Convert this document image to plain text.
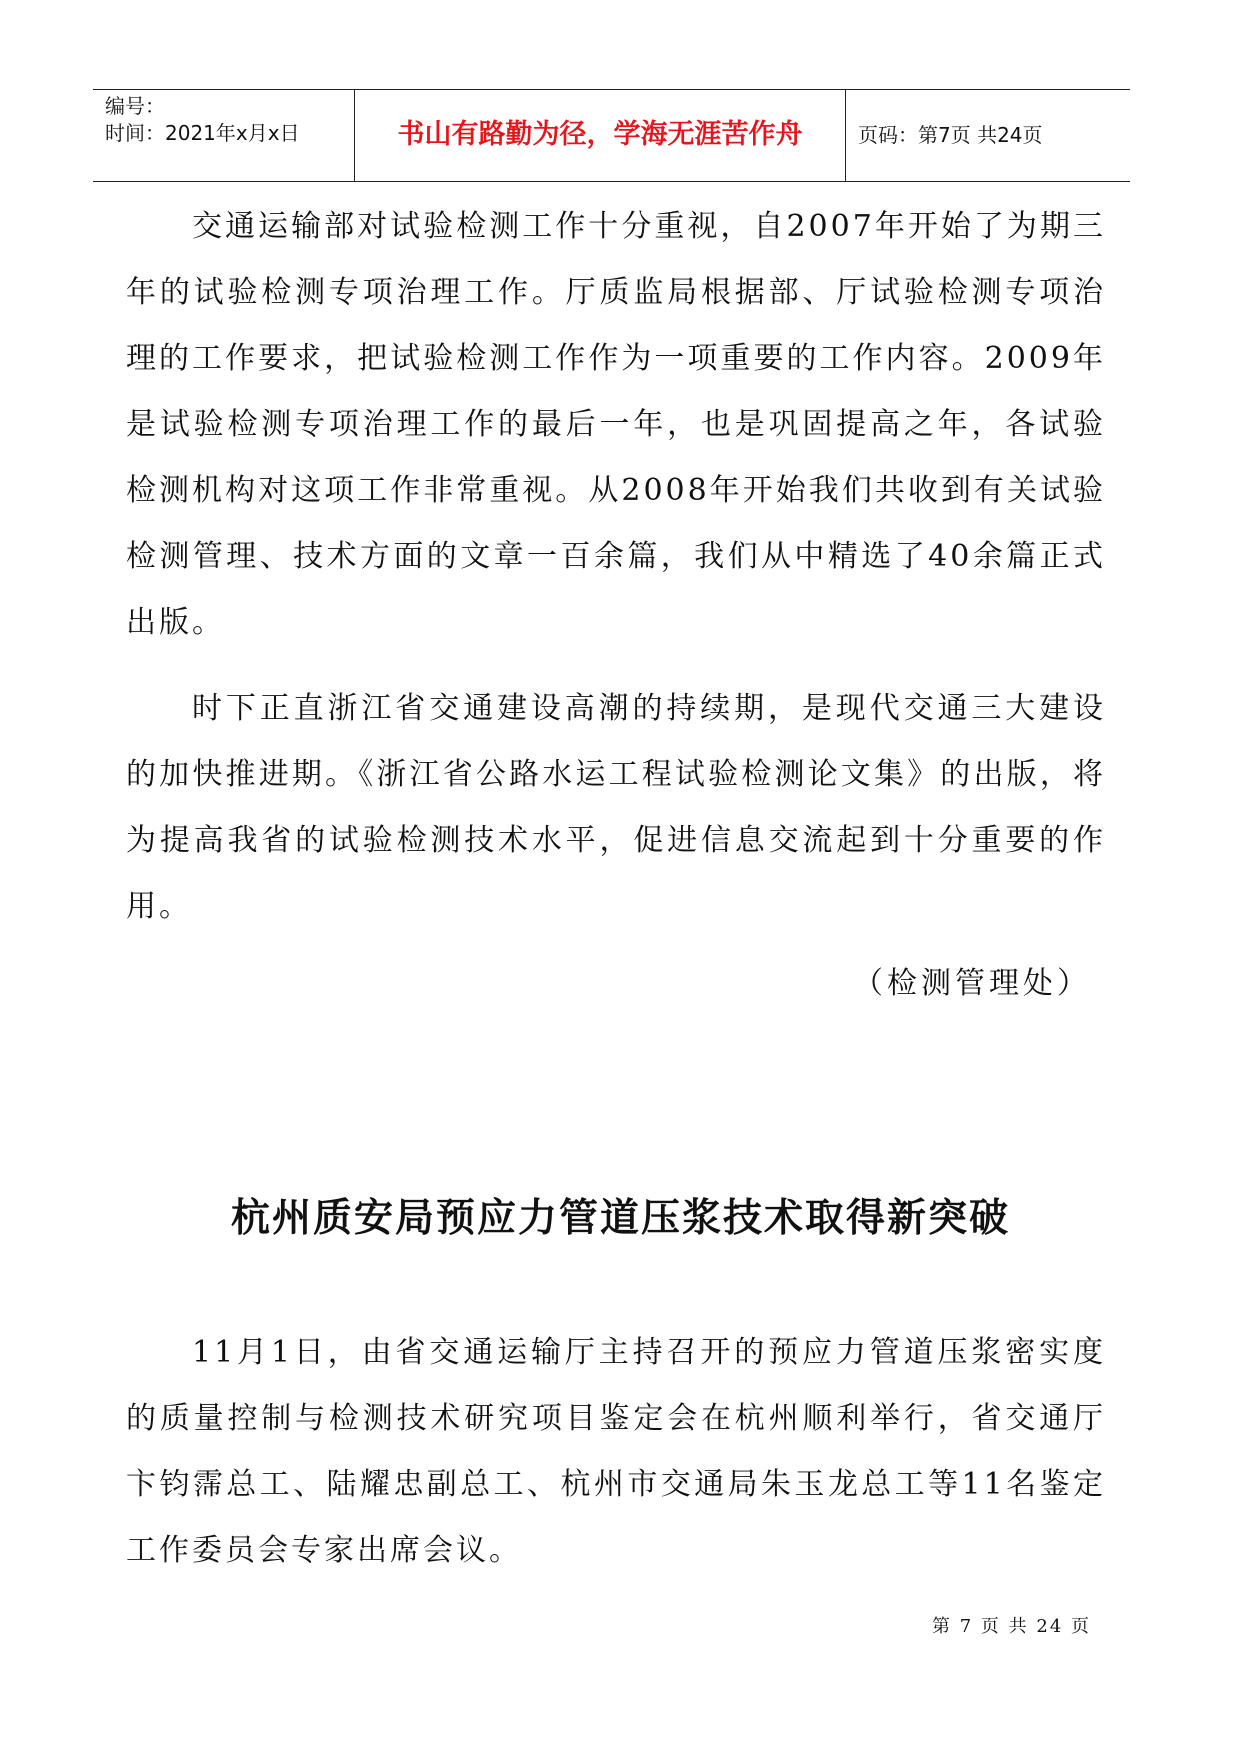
编号：
时间：2021年x月x日	书山有路勤为径，学海无涯苦作舟	页码：第7页 共24页

交通运输部对试验检测工作十分重视，自2007年开始了为期三年的试验检测专项治理工作。厅质监局根据部、厅试验检测专项治理的工作要求，把试验检测工作作为一项重要的工作内容。2009年是试验检测专项治理工作的最后一年，也是巩固提高之年，各试验检测机构对这项工作非常重视。从2008年开始我们共收到有关试验检测管理、技术方面的文章一百余篇，我们从中精选了40余篇正式出版。

时下正直浙江省交通建设高潮的持续期，是现代交通三大建设的加快推进期。《浙江省公路水运工程试验检测论文集》的出版，将为提高我省的试验检测技术水平，促进信息交流起到十分重要的作用。

（检测管理处）
杭州质安局预应力管道压浆技术取得新突破

11月1日，由省交通运输厅主持召开的预应力管道压浆密实度的质量控制与检测技术研究项目鉴定会在杭州顺利举行，省交通厅卞钧霈总工、陆耀忠副总工、杭州市交通局朱玉龙总工等11名鉴定工作委员会专家出席会议。

第 7 页 共 24 页
